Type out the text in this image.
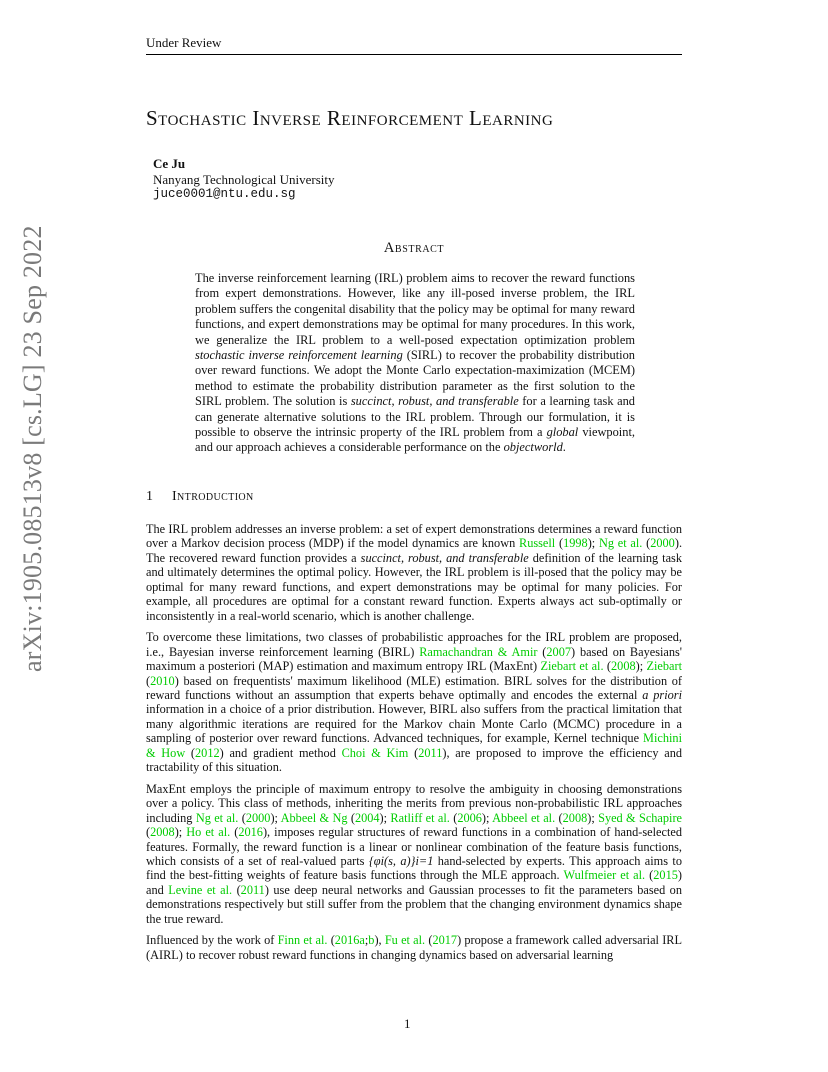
Under Review
Stochastic Inverse Reinforcement Learning
Ce Ju
Nanyang Technological University
juce0001@ntu.edu.sg
Abstract

The inverse reinforcement learning (IRL) problem aims to recover the reward functions from expert demonstrations. However, like any ill-posed inverse problem, the IRL problem suffers the congenital disability that the policy may be optimal for many reward functions, and expert demonstrations may be optimal for many procedures. In this work, we generalize the IRL problem to a well-posed expectation optimization problem stochastic inverse reinforcement learning (SIRL) to recover the probability distribution over reward functions. We adopt the Monte Carlo expectation-maximization (MCEM) method to estimate the probability distribution parameter as the first solution to the SIRL problem. The solution is succinct, robust, and transferable for a learning task and can generate alternative solutions to the IRL problem. Through our formulation, it is possible to observe the intrinsic property of the IRL problem from a global viewpoint, and our approach achieves a considerable performance on the objectworld.

1 Introduction

The IRL problem addresses an inverse problem: a set of expert demonstrations determines a reward function over a Markov decision process (MDP) if the model dynamics are known Russell (1998); Ng et al. (2000). The recovered reward function provides a succinct, robust, and transferable definition of the learning task and ultimately determines the optimal policy. However, the IRL problem is ill-posed that the policy may be optimal for many reward functions, and expert demonstrations may be optimal for many policies. For example, all procedures are optimal for a constant reward function. Experts always act sub-optimally or inconsistently in a real-world scenario, which is another challenge.

To overcome these limitations, two classes of probabilistic approaches for the IRL problem are proposed, i.e., Bayesian inverse reinforcement learning (BIRL) Ramachandran & Amir (2007) based on Bayesians' maximum a posteriori (MAP) estimation and maximum entropy IRL (MaxEnt) Ziebart et al. (2008); Ziebart (2010) based on frequentists' maximum likelihood (MLE) estimation. BIRL solves for the distribution of reward functions without an assumption that experts behave optimally and encodes the external a priori information in a choice of a prior distribution. However, BIRL also suffers from the practical limitation that many algorithmic iterations are required for the Markov chain Monte Carlo (MCMC) procedure in a sampling of posterior over reward functions. Advanced techniques, for example, Kernel technique Michini & How (2012) and gradient method Choi & Kim (2011), are proposed to improve the efficiency and tractability of this situation.

MaxEnt employs the principle of maximum entropy to resolve the ambiguity in choosing demonstrations over a policy. This class of methods, inheriting the merits from previous non-probabilistic IRL approaches including Ng et al. (2000); Abbeel & Ng (2004); Ratliff et al. (2006); Abbeel et al. (2008); Syed & Schapire (2008); Ho et al. (2016), imposes regular structures of reward functions in a combination of hand-selected features. Formally, the reward function is a linear or nonlinear combination of the feature basis functions, which consists of a set of real-valued parts {φi(s, a)}i=1 hand-selected by experts. This approach aims to find the best-fitting weights of feature basis functions through the MLE approach. Wulfmeier et al. (2015) and Levine et al. (2011) use deep neural networks and Gaussian processes to fit the parameters based on demonstrations respectively but still suffer from the problem that the changing environment dynamics shape the true reward.

Influenced by the work of Finn et al. (2016a;b), Fu et al. (2017) propose a framework called adversarial IRL (AIRL) to recover robust reward functions in changing dynamics based on adversarial learning

arXiv:1905.08513v8 [cs.LG] 23 Sep 2022
1
